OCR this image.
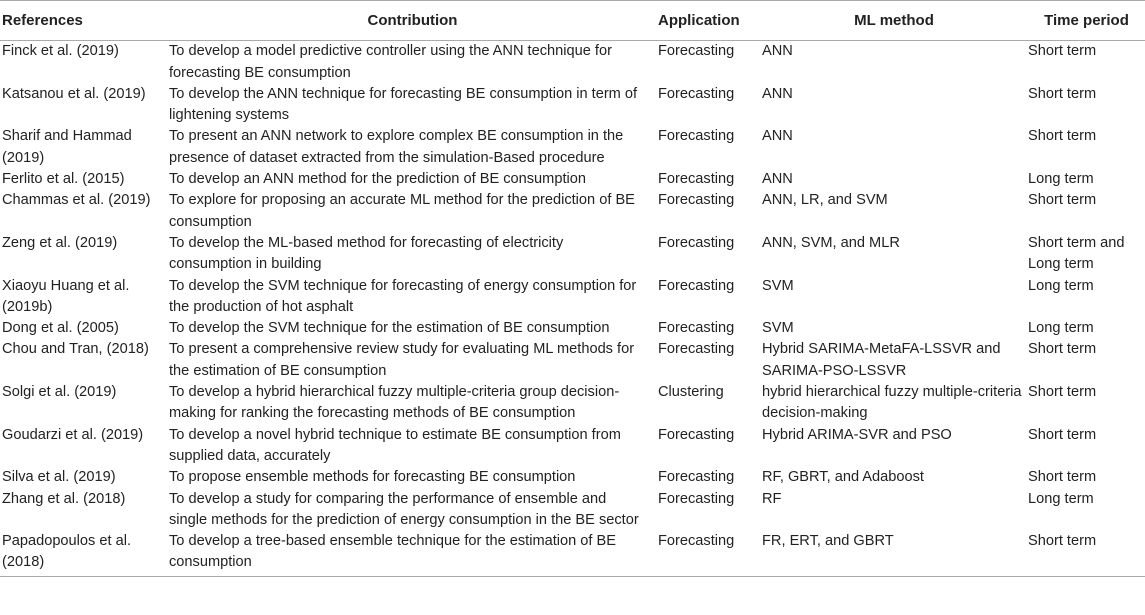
References	Contribution	Application	ML method	Time period
Finck et al. (2019)	To develop a model predictive controller using the ANN technique for forecasting BE consumption	Forecasting	ANN	Short term
Katsanou et al. (2019)	To develop the ANN technique for forecasting BE consumption in term of lightening systems	Forecasting	ANN	Short term
Sharif and Hammad (2019)	To present an ANN network to explore complex BE consumption in the presence of dataset extracted from the simulation-Based procedure	Forecasting	ANN	Short term
Ferlito et al. (2015)	To develop an ANN method for the prediction of BE consumption	Forecasting	ANN	Long term
Chammas et al. (2019)	To explore for proposing an accurate ML method for the prediction of BE consumption	Forecasting	ANN, LR, and SVM	Short term
Zeng et al. (2019)	To develop the ML-based method for forecasting of electricity consumption in building	Forecasting	ANN, SVM, and MLR	Short term and Long term
Xiaoyu Huang et al. (2019b)	To develop the SVM technique for forecasting of energy consumption for the production of hot asphalt	Forecasting	SVM	Long term
Dong et al. (2005)	To develop the SVM technique for the estimation of BE consumption	Forecasting	SVM	Long term
Chou and Tran, (2018)	To present a comprehensive review study for evaluating ML methods for the estimation of BE consumption	Forecasting	Hybrid SARIMA-MetaFA-LSSVR and SARIMA-PSO-LSSVR	Short term
Solgi et al. (2019)	To develop a hybrid hierarchical fuzzy multiple-criteria group decision-making for ranking the forecasting methods of BE consumption	Clustering	hybrid hierarchical fuzzy multiple-criteria decision-making	Short term
Goudarzi et al. (2019)	To develop a novel hybrid technique to estimate BE consumption from supplied data, accurately	Forecasting	Hybrid ARIMA-SVR and PSO	Short term
Silva et al. (2019)	To propose ensemble methods for forecasting BE consumption	Forecasting	RF, GBRT, and Adaboost	Short term
Zhang et al. (2018)	To develop a study for comparing the performance of ensemble and single methods for the prediction of energy consumption in the BE sector	Forecasting	RF	Long term
Papadopoulos et al. (2018)	To develop a tree-based ensemble technique for the estimation of BE consumption	Forecasting	FR, ERT, and GBRT	Short term
